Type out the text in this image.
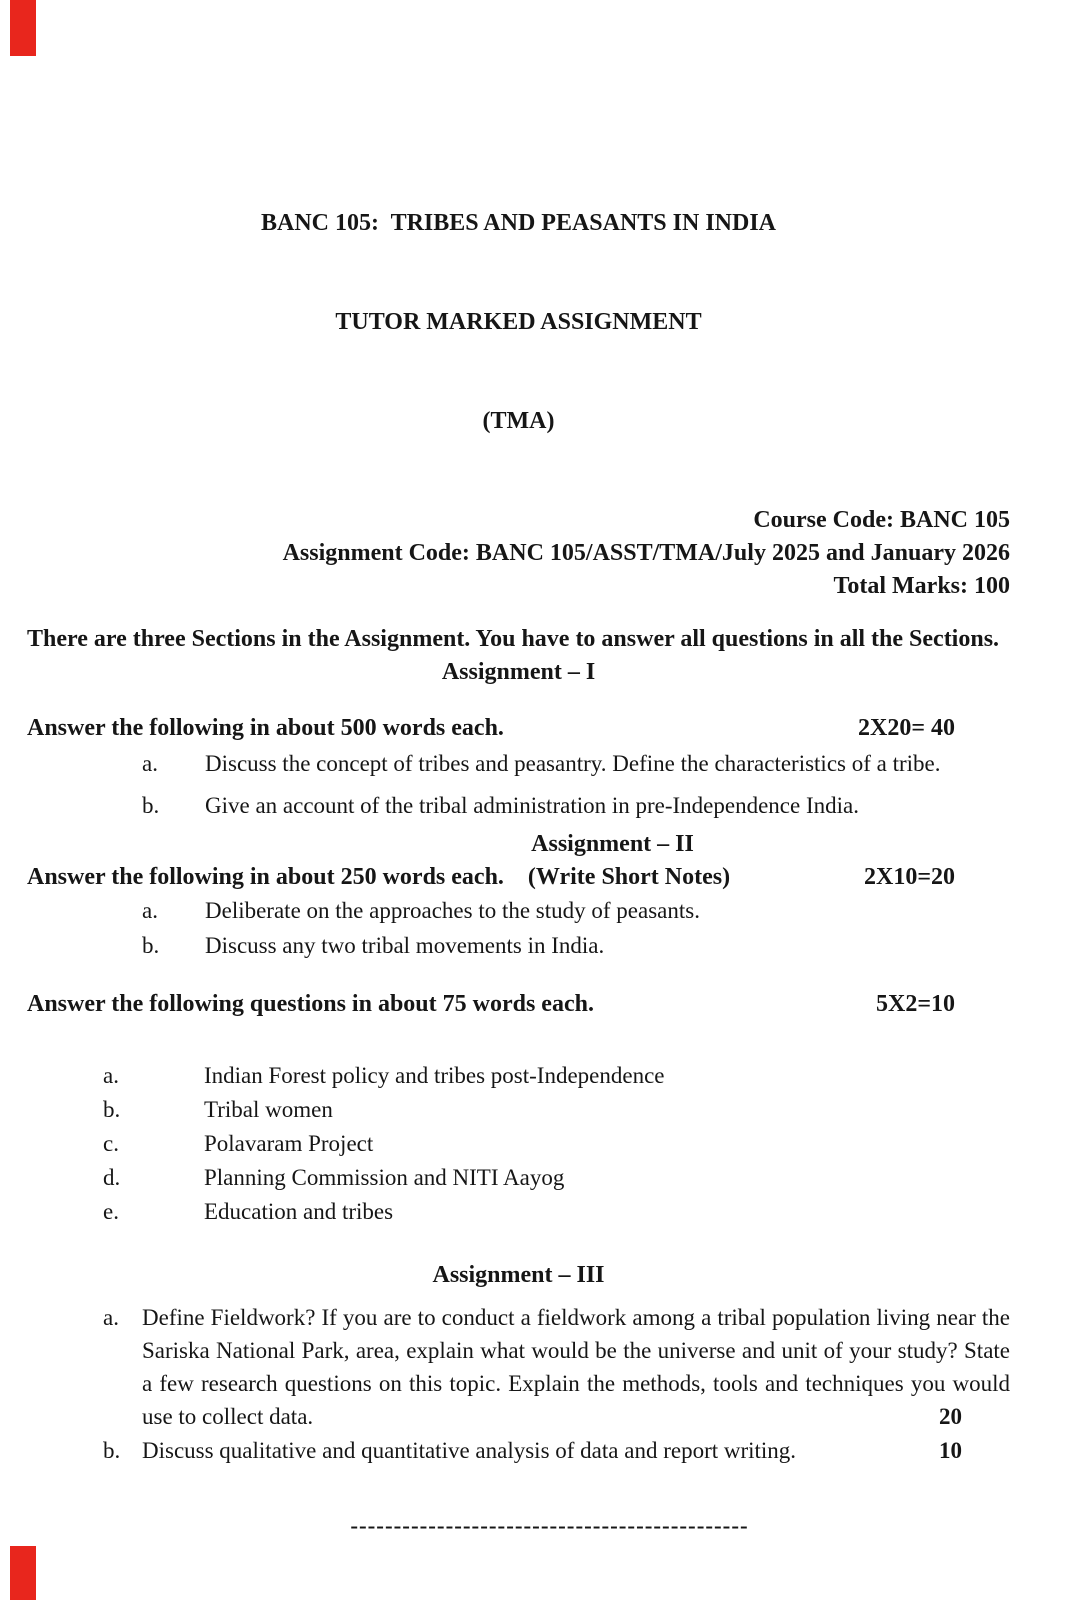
BANC 105:  TRIBES AND PEASANTS IN INDIA

TUTOR MARKED ASSIGNMENT

(TMA)

Course Code: BANC 105
Assignment Code: BANC 105/ASST/TMA/July 2025 and January 2026
Total Marks: 100

There are three Sections in the Assignment. You have to answer all questions in all the Sections.

Assignment – I
Answer the following in about 500 words each.	2X20= 40
a. Discuss the concept of tribes and peasantry. Define the characteristics of a tribe.
b. Give an account of the tribal administration in pre-Independence India.
Assignment – II
Answer the following in about 250 words each. (Write Short Notes)	2X10=20
a. Deliberate on the approaches to the study of peasants.
b. Discuss any two tribal movements in India.
Answer the following questions in about 75 words each.	5X2=10
a.	Indian Forest policy and tribes post-Independence
b.	Tribal women
c.	Polavaram Project
d.	Planning Commission and NITI Aayog
e.	Education and tribes
Assignment – III
a. Define Fieldwork? If you are to conduct a fieldwork among a tribal population living near the Sariska National Park, area, explain what would be the universe and unit of your study? State a few research questions on this topic. Explain the methods, tools and techniques you would use to collect data.	20
b. Discuss qualitative and quantitative analysis of data and report writing.	10
----------------------------------------------
